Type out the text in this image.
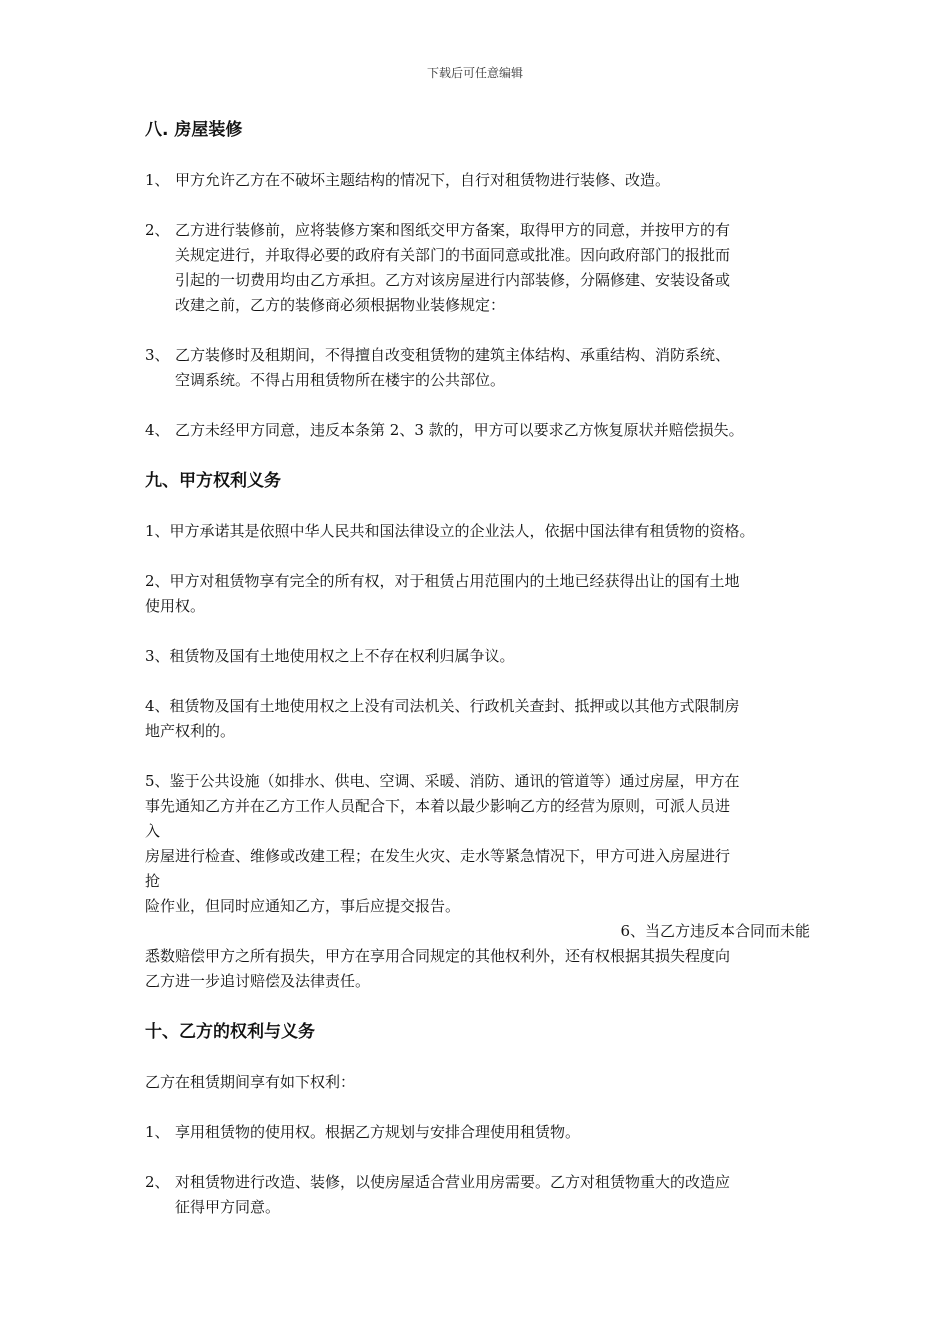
下载后可任意编辑
八. 房屋装修
1、 甲方允许乙方在不破坏主题结构的情况下，自行对租赁物进行装修、改造。
2、 乙方进行装修前，应将装修方案和图纸交甲方备案，取得甲方的同意，并按甲方的有
关规定进行，并取得必要的政府有关部门的书面同意或批准。因向政府部门的报批而
引起的一切费用均由乙方承担。乙方对该房屋进行内部装修，分隔修建、安装设备或
改建之前，乙方的装修商必须根据物业装修规定：
3、 乙方装修时及租期间，不得擅自改变租赁物的建筑主体结构、承重结构、消防系统、
空调系统。不得占用租赁物所在楼宇的公共部位。
4、 乙方未经甲方同意，违反本条第 2、3 款的，甲方可以要求乙方恢复原状并赔偿损失。
九、甲方权利义务

1、甲方承诺其是依照中华人民共和国法律设立的企业法人，依据中国法律有租赁物的资格。

2、甲方对租赁物享有完全的所有权，对于租赁占用范围内的土地已经获得出让的国有土地
使用权。

3、租赁物及国有土地使用权之上不存在权利归属争议。

4、租赁物及国有土地使用权之上没有司法机关、行政机关查封、抵押或以其他方式限制房
地产权利的。
5、鉴于公共设施（如排水、供电、空调、采暖、消防、通讯的管道等）通过房屋，甲方在
事先通知乙方并在乙方工作人员配合下，本着以最少影响乙方的经营为原则，可派人员进
入
房屋进行检查、维修或改建工程；在发生火灾、走水等紧急情况下，甲方可进入房屋进行
抢
险作业，但同时应通知乙方，事后应提交报告。
6、当乙方违反本合同而未能
悉数赔偿甲方之所有损失，甲方在享用合同规定的其他权利外，还有权根据其损失程度向
乙方进一步追讨赔偿及法律责任。
十、乙方的权利与义务

乙方在租赁期间享有如下权利：

1、 享用租赁物的使用权。根据乙方规划与安排合理使用租赁物。
2、 对租赁物进行改造、装修，以使房屋适合营业用房需要。乙方对租赁物重大的改造应
征得甲方同意。
